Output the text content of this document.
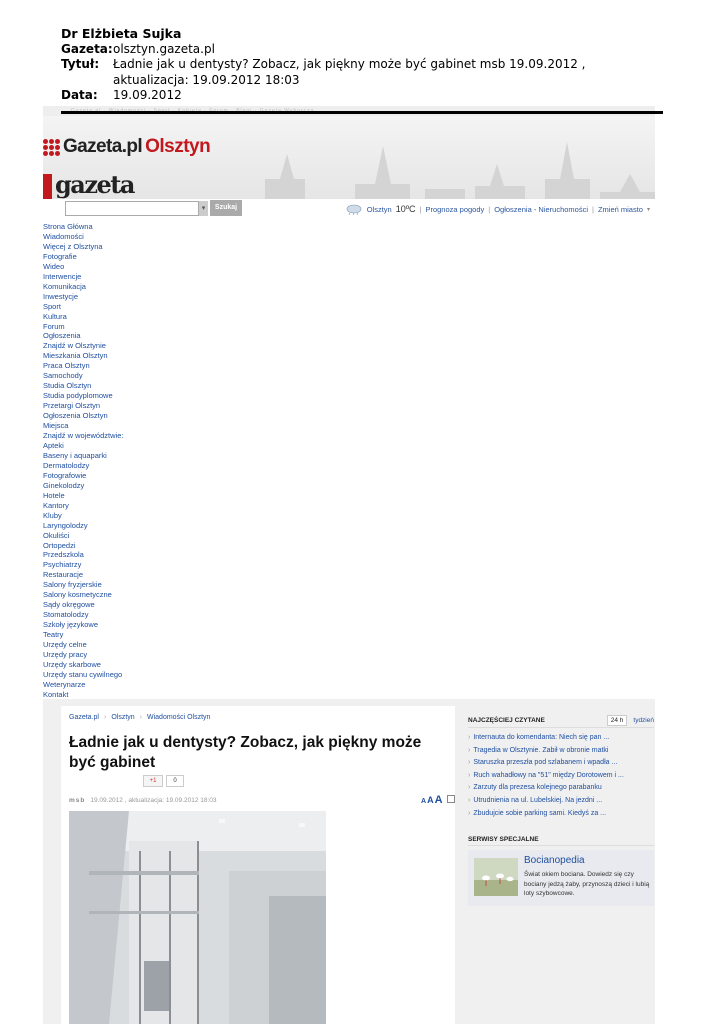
Dr Elżbieta Sujka
Gazeta: olsztyn.gazeta.pl
Tytuł:	Ładnie jak u dentysty? Zobacz, jak piękny może być gabinet msb 19.09.2012 , aktualizacja: 19.09.2012 18:03
Data:	19.09.2012
Gazeta.pl Olsztyn
gazeta
▾	Szukaj	Olsztyn 10ºC | Prognoza pogody | Ogłoszenia - Nieruchomości | Zmień miasto ▾
Strona Główna
Wiadomości
Więcej z Olsztyna
Fotografie
Wideo
Interwencje
Komunikacja
Inwestycje
Sport
Kultura
Forum
Ogłoszenia
Znajdź w Olsztynie
Mieszkania Olsztyn
Praca Olsztyn
Samochody
Studia Olsztyn
Studia podyplomowe
Przetargi Olsztyn
Ogłoszenia Olsztyn
Miejsca
Znajdź w województwie:
Apteki
Baseny i aquaparki
Dermatolodzy
Fotografowie
Ginekolodzy
Hotele
Kantory
Kluby
Laryngolodzy
Okuliści
Ortopedzi
Przedszkola
Psychiatrzy
Restauracje
Salony fryzjerskie
Salony kosmetyczne
Sądy okręgowe
Stomatolodzy
Szkoły językowe
Teatry
Urzędy celne
Urzędy pracy
Urzędy skarbowe
Urzędy stanu cywilnego
Weterynarze
Kontakt
Gazeta.pl › Olsztyn › Wiadomości Olsztyn
Ładnie jak u dentysty? Zobacz, jak piękny może być gabinet
+1	0
msb 19.09.2012 , aktualizacja: 19.09.2012 18:03	A A A
NAJCZĘŚCIEJ CZYTANE	24 h	tydzień
› Internauta do komendanta: Niech się pan ...
› Tragedia w Olsztynie. Zabił w obronie matki
› Staruszka przeszła pod szlabanem i wpadła ...
› Ruch wahadłowy na "51" między Dorotowem i ...
› Zarzuty dla prezesa kolejnego parabanku
› Utrudnienia na ul. Lubelskiej. Na jezdni ...
› Zbudujcie sobie parking sami. Kiedyś za ...
SERWISY SPECJALNE
Bocianopedia
Świat okiem bociana. Dowiedz się czy bociany jedzą żaby, przynoszą dzieci i lubią loty szybowcowe.
